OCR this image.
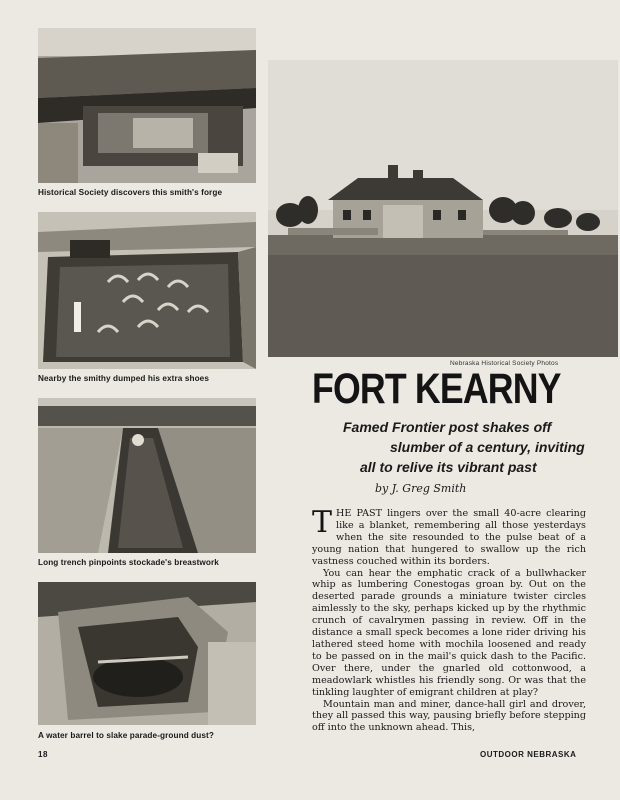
Historical Society discovers this smith's forge
Nearby the smithy dumped his extra shoes
Long trench pinpoints stockade's breastwork
A water barrel to slake parade-ground dust?
Nebraska Historical Society Photos
FORT KEARNY
Famed Frontier post shakes off
slumber of a century, inviting
all to relive its vibrant past
by J. Greg Smith

THE PAST lingers over the small 40-acre clearing like a blanket, remembering all those yesterdays when the site resounded to the pulse beat of a young nation that hungered to swallow up the rich vastness couched within its borders.

You can hear the emphatic crack of a bullwhacker whip as lumbering Conestogas groan by. Out on the deserted parade grounds a miniature twister circles aimlessly to the sky, perhaps kicked up by the rhythmic crunch of cavalrymen passing in review. Off in the distance a small speck becomes a lone rider driving his lathered steed home with mochila loosened and ready to be passed on in the mail's quick dash to the Pacific. Over there, under the gnarled old cottonwood, a meadowlark whistles his friendly song. Or was that the tinkling laughter of emigrant children at play?

Mountain man and miner, dance-hall girl and drover, they all passed this way, pausing briefly before stepping off into the unknown ahead. This,

18	OUTDOOR NEBRASKA
